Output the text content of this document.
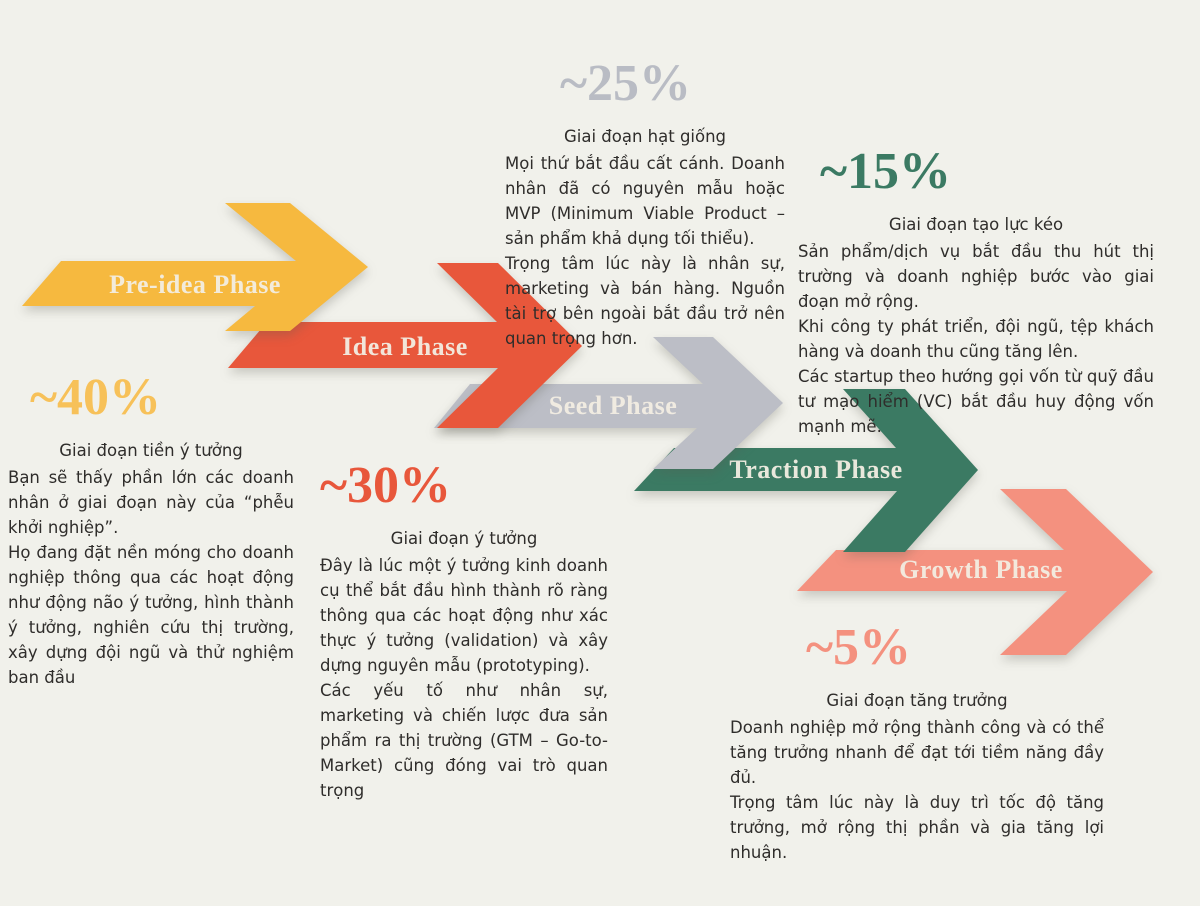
Growth Phase
Traction Phase
Seed Phase
Idea Phase
Pre-idea Phase
~40%
Giai đoạn tiền ý tưởng

Bạn sẽ thấy phần lớn các doanh nhân ở giai đoạn này của “phễu khởi nghiệp”.

Họ đang đặt nền móng cho doanh nghiệp thông qua các hoạt động như động não ý tưởng, hình thành ý tưởng, nghiên cứu thị trường, xây dựng đội ngũ và thử nghiệm ban đầu

~30%
Giai đoạn ý tưởng

Đây là lúc một ý tưởng kinh doanh cụ thể bắt đầu hình thành rõ ràng thông qua các hoạt động như xác thực ý tưởng (validation) và xây dựng nguyên mẫu (prototyping).

Các yếu tố như nhân sự, marketing và chiến lược đưa sản phẩm ra thị trường (GTM – Go-to-Market) cũng đóng vai trò quan trọng

~25%
Giai đoạn hạt giống

Mọi thứ bắt đầu cất cánh. Doanh nhân đã có nguyên mẫu hoặc MVP (Minimum Viable Product – sản phẩm khả dụng tối thiểu).

Trọng tâm lúc này là nhân sự, marketing và bán hàng. Nguồn tài trợ bên ngoài bắt đầu trở nên quan trọng hơn.

~15%
Giai đoạn tạo lực kéo

Sản phẩm/dịch vụ bắt đầu thu hút thị trường và doanh nghiệp bước vào giai đoạn mở rộng.

Khi công ty phát triển, đội ngũ, tệp khách hàng và doanh thu cũng tăng lên.

Các startup theo hướng gọi vốn từ quỹ đầu tư mạo hiểm (VC) bắt đầu huy động vốn mạnh mẽ.

~5%
Giai đoạn tăng trưởng

Doanh nghiệp mở rộng thành công và có thể tăng trưởng nhanh để đạt tới tiềm năng đầy đủ.

Trọng tâm lúc này là duy trì tốc độ tăng trưởng, mở rộng thị phần và gia tăng lợi nhuận.
